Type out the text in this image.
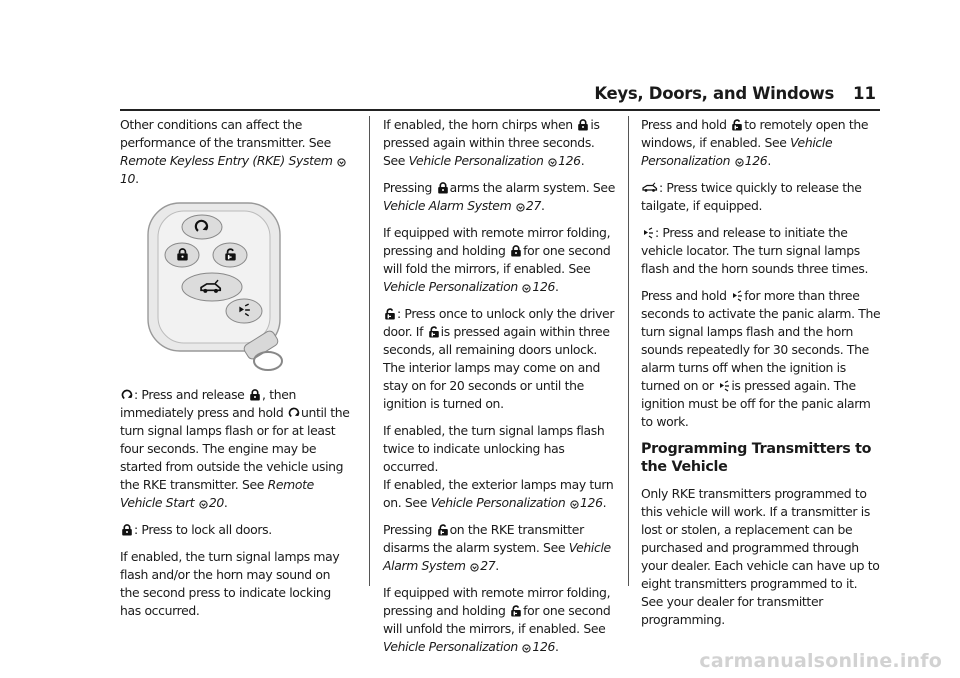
Keys, Doors, and Windows 11

Other conditions can affect the performance of the transmitter. See Remote Keyless Entry (RKE) System 10.

: Press and release , then immediately press and hold until the turn signal lamps flash or for at least four seconds. The engine may be started from outside the vehicle using the RKE transmitter. See Remote Vehicle Start 20.

: Press to lock all doors.

If enabled, the turn signal lamps may flash and/or the horn may sound on the second press to indicate locking has occurred.

If enabled, the horn chirps when is pressed again within three seconds. See Vehicle Personalization 126.

Pressing arms the alarm system. See Vehicle Alarm System 27.

If equipped with remote mirror folding, pressing and holding for one second will fold the mirrors, if enabled. See Vehicle Personalization 126.

: Press once to unlock only the driver door. If is pressed again within three seconds, all remaining doors unlock. The interior lamps may come on and stay on for 20 seconds or until the ignition is turned on.

If enabled, the turn signal lamps flash twice to indicate unlocking has occurred.

If enabled, the exterior lamps may turn on. See Vehicle Personalization 126.

Pressing on the RKE transmitter disarms the alarm system. See Vehicle Alarm System 27.

If equipped with remote mirror folding, pressing and holding for one second will unfold the mirrors, if enabled. See Vehicle Personalization 126.

Press and hold to remotely open the windows, if enabled. See Vehicle Personalization 126.

: Press twice quickly to release the tailgate, if equipped.

: Press and release to initiate the vehicle locator. The turn signal lamps flash and the horn sounds three times.

Press and hold for more than three seconds to activate the panic alarm. The turn signal lamps flash and the horn sounds repeatedly for 30 seconds. The alarm turns off when the ignition is turned on or is pressed again. The ignition must be off for the panic alarm to work.

Programming Transmitters to the Vehicle

Only RKE transmitters programmed to this vehicle will work. If a transmitter is lost or stolen, a replacement can be purchased and programmed through your dealer. Each vehicle can have up to eight transmitters programmed to it. See your dealer for transmitter programming.

carmanualsonline.info
